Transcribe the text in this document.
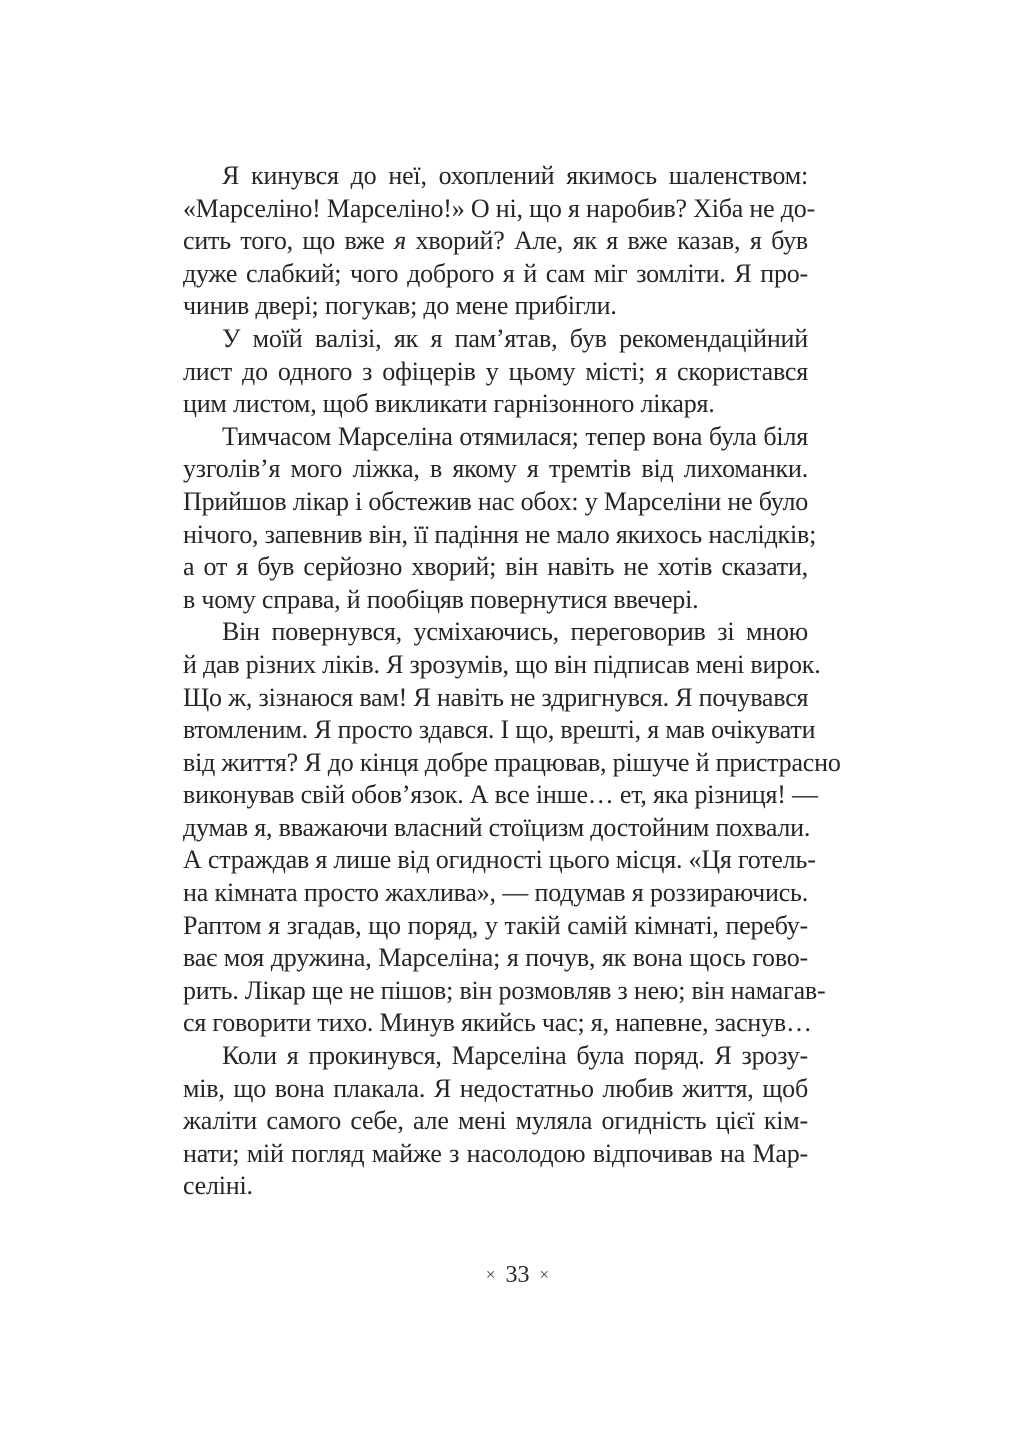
Я кинувся до неї, охоплений якимось шаленством:
«Марселіно! Марселіно!» О ні, що я наробив? Хіба не до-
сить того, що вже я хворий? Але, як я вже казав, я був
дуже слабкий; чого доброго я й сам міг зомліти. Я про-
чинив двері; погукав; до мене прибігли.
У моїй валізі, як я пам’ятав, був рекомендаційний
лист до одного з офіцерів у цьому місті; я скористався
цим листом, щоб викликати гарнізонного лікаря.
Тимчасом Марселіна отямилася; тепер вона була біля
узголів’я мого ліжка, в якому я тремтів від лихоманки.
Прийшов лікар і обстежив нас обох: у Марселіни не було
нічого, запевнив він, її падіння не мало якихось наслідків;
а от я був серйозно хворий; він навіть не хотів сказати,
в чому справа, й пообіцяв повернутися ввечері.
Він повернувся, усміхаючись, переговорив зі мною
й дав різних ліків. Я зрозумів, що він підписав мені вирок.
Що ж, зізнаюся вам! Я навіть не здригнувся. Я почувався
втомленим. Я просто здався. І що, врешті, я мав очікувати
від життя? Я до кінця добре працював, рішуче й пристрасно
виконував свій обов’язок. А все інше… ет, яка різниця! —
думав я, вважаючи власний стоїцизм достойним похвали.
А страждав я лише від огидності цього місця. «Ця готель-
на кімната просто жахлива», — подумав я роззираючись.
Раптом я згадав, що поряд, у такій самій кімнаті, перебу-
ває моя дружина, Марселіна; я почув, як вона щось гово-
рить. Лікар ще не пішов; він розмовляв з нею; він намагав-
ся говорити тихо. Минув якийсь час; я, напевне, заснув…
Коли я прокинувся, Марселіна була поряд. Я зрозу-
мів, що вона плакала. Я недостатньо любив життя, щоб
жаліти самого себе, але мені муляла огидність цієї кім-
нати; мій погляд майже з насолодою відпочивав на Мар-
селіні.
× 33 ×
